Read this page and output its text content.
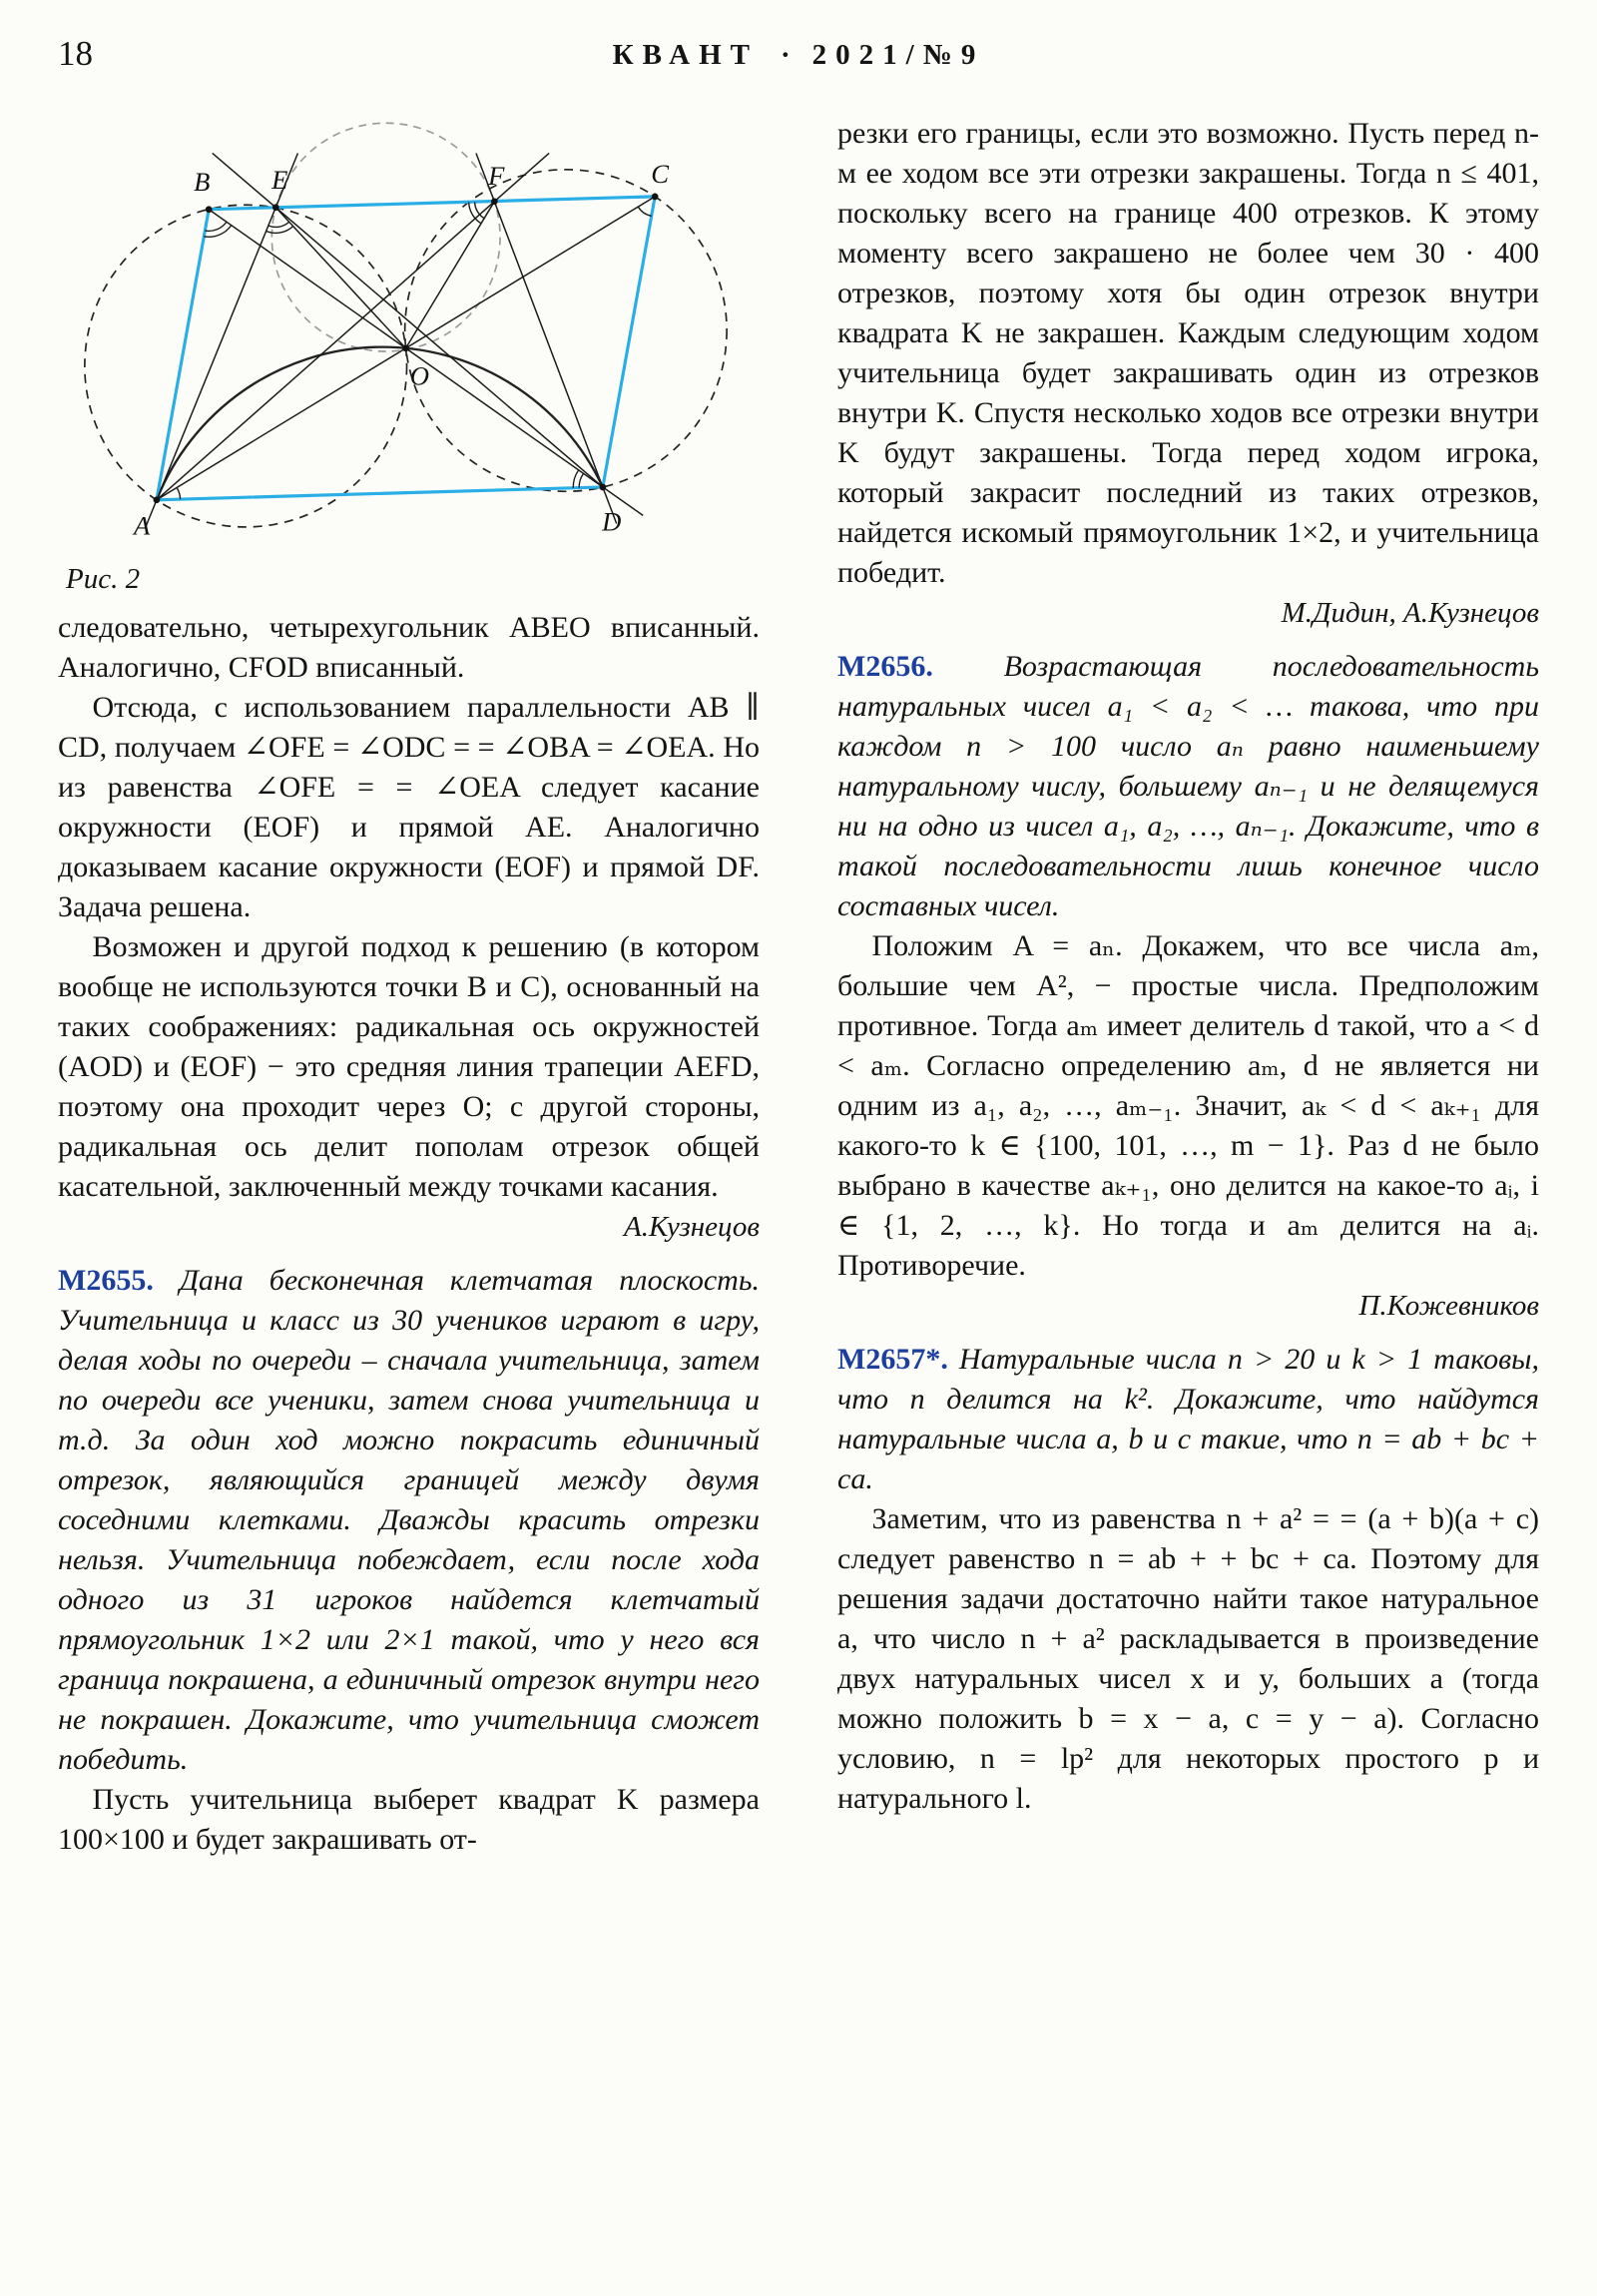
18	КВАНТ · 2021/№9
B E	F	C
A	D
O
Рис. 2

следовательно, четырехугольник ABEO вписанный. Аналогично, CFOD вписанный.

Отсюда, с использованием параллельности AB ∥ CD, получаем ∠OFE = ∠ODC = = ∠OBA = ∠OEA. Но из равенства ∠OFE = = ∠OEA следует касание окружности (EOF) и прямой AE. Аналогично доказываем касание окружности (EOF) и прямой DF. Задача решена.

Возможен и другой подход к решению (в котором вообще не используются точки B и C), основанный на таких соображениях: радикальная ось окружностей (AOD) и (EOF) − это средняя линия трапеции AEFD, поэтому она проходит через O; с другой стороны, радикальная ось делит пополам отрезок общей касательной, заключенный между точками касания.

А.Кузнецов

М2655. Дана бесконечная клетчатая плоскость. Учительница и класс из 30 учеников играют в игру, делая ходы по очереди – сначала учительница, затем по очереди все ученики, затем снова учительница и т.д. За один ход можно покрасить единичный отрезок, являющийся границей между двумя соседними клетками. Дважды красить отрезки нельзя. Учительница побеждает, если после хода одного из 31 игроков найдется клетчатый прямоугольник 1×2 или 2×1 такой, что у него вся граница покрашена, а единичный отрезок внутри него не покрашен. Докажите, что учительница сможет победить.

Пусть учительница выберет квадрат K размера 100×100 и будет закрашивать от-

резки его границы, если это возможно. Пусть перед n-м ее ходом все эти отрезки закрашены. Тогда n ≤ 401, поскольку всего на границе 400 отрезков. К этому моменту всего закрашено не более чем 30 · 400 отрезков, поэтому хотя бы один отрезок внутри квадрата K не закрашен. Каждым следующим ходом учительница будет закрашивать один из отрезков внутри K. Спустя несколько ходов все отрезки внутри K будут закрашены. Тогда перед ходом игрока, который закрасит последний из таких отрезков, найдется искомый прямоугольник 1×2, и учительница победит.

М.Дидин, А.Кузнецов

М2656. Возрастающая последовательность натуральных чисел a₁ < a₂ < … такова, что при каждом n > 100 число aₙ равно наименьшему натуральному числу, большему aₙ₋₁ и не делящемуся ни на одно из чисел a₁, a₂, …, aₙ₋₁. Докажите, что в такой последовательности лишь конечное число составных чисел.

Положим A = aₙ. Докажем, что все числа aₘ, большие чем A², − простые числа. Предположим противное. Тогда aₘ имеет делитель d такой, что a < d < aₘ. Согласно определению aₘ, d не является ни одним из a₁, a₂, …, aₘ₋₁. Значит, aₖ < d < aₖ₊₁ для какого-то k ∈ {100, 101, …, m − 1}. Раз d не было выбрано в качестве aₖ₊₁, оно делится на какое-то aᵢ, i ∈ {1, 2, …, k}. Но тогда и aₘ делится на aᵢ. Противоречие.

П.Кожевников

М2657*. Натуральные числа n > 20 и k > 1 таковы, что n делится на k². Докажите, что найдутся натуральные числа a, b и c такие, что n = ab + bc + ca.

Заметим, что из равенства n + a² = = (a + b)(a + c) следует равенство n = ab + + bc + ca. Поэтому для решения задачи достаточно найти такое натуральное a, что число n + a² раскладывается в произведение двух натуральных чисел x и y, больших a (тогда можно положить b = x − a, c = y − a). Согласно условию, n = lp² для некоторых простого p и натурального l.
